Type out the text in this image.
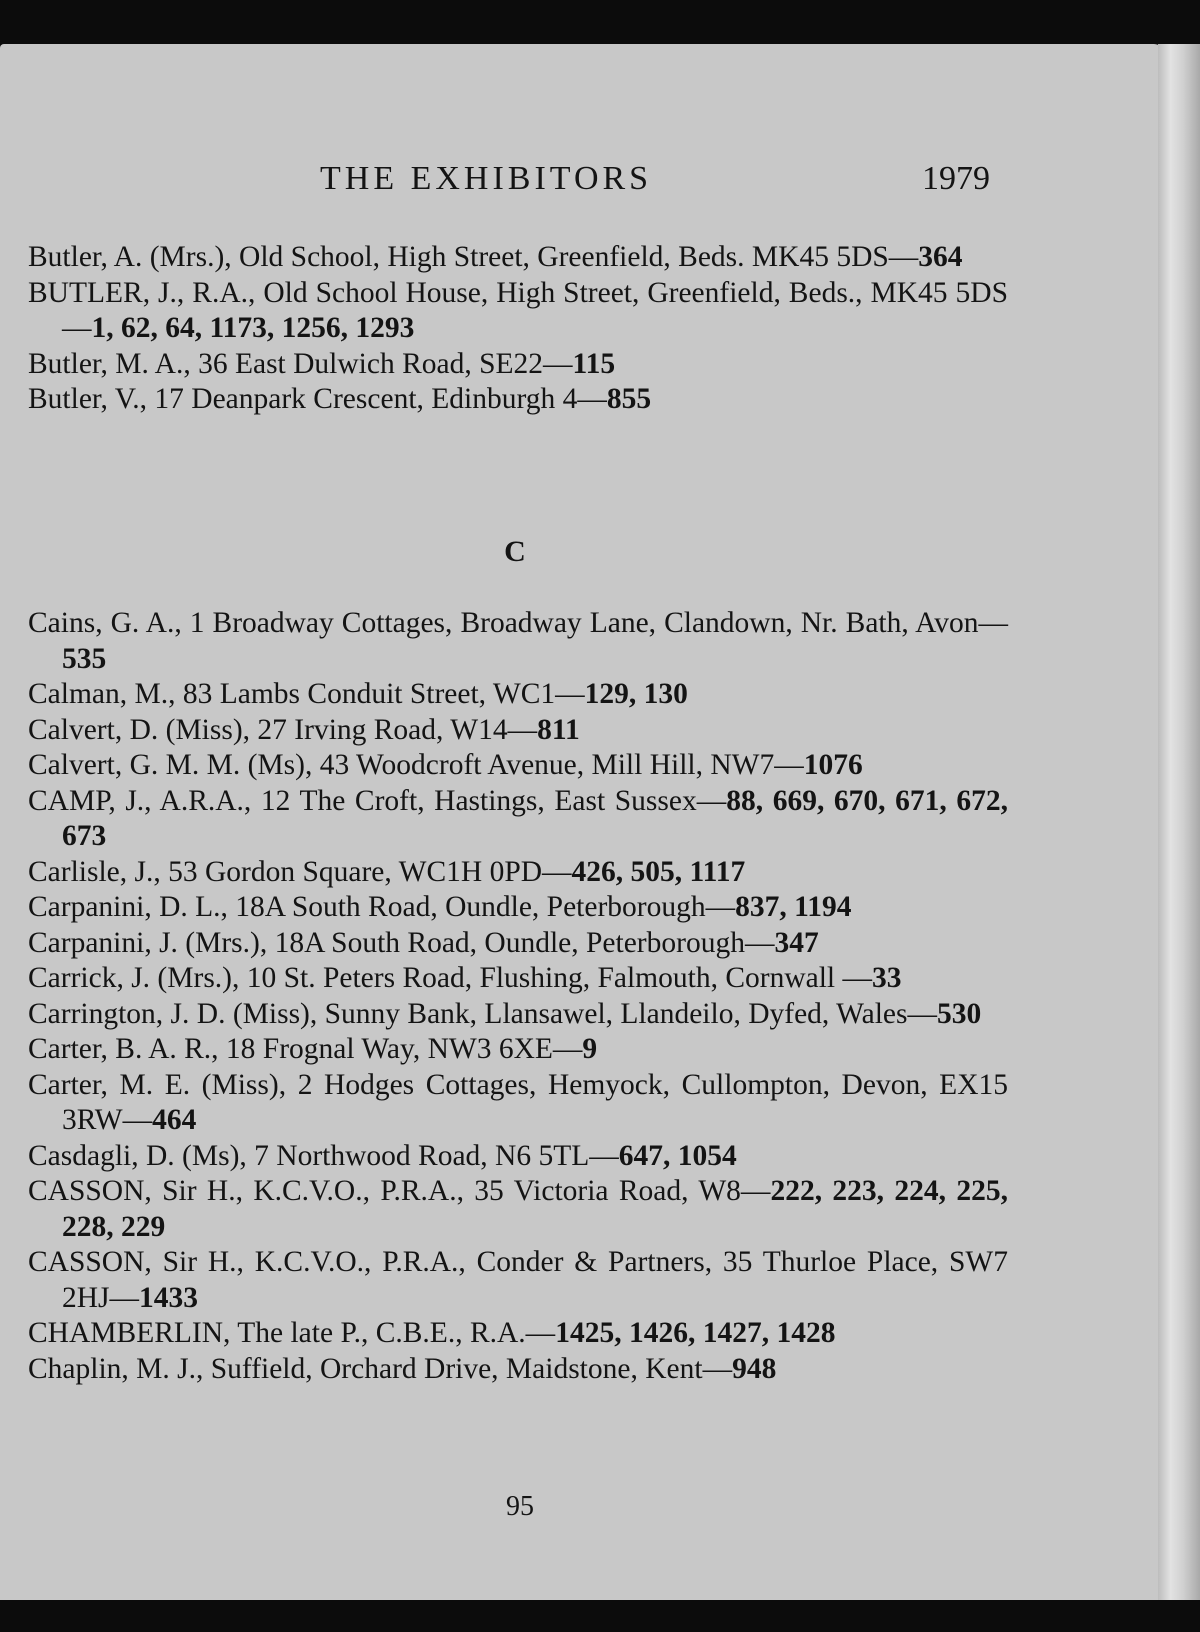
THE EXHIBITORS	1979

Butler, A. (Mrs.), Old School, High Street, Greenfield, Beds. MK45 5DS—364

BUTLER, J., R.A., Old School House, High Street, Greenfield, Beds., MK45 5DS—1, 62, 64, 1173, 1256, 1293

Butler, M. A., 36 East Dulwich Road, SE22—115

Butler, V., 17 Deanpark Crescent, Edinburgh 4—855

C

Cains, G. A., 1 Broadway Cottages, Broadway Lane, Clandown, Nr. Bath, Avon—535

Calman, M., 83 Lambs Conduit Street, WC1—129, 130

Calvert, D. (Miss), 27 Irving Road, W14—811

Calvert, G. M. M. (Ms), 43 Woodcroft Avenue, Mill Hill, NW7—1076

CAMP, J., A.R.A., 12 The Croft, Hastings, East Sussex—88, 669, 670, 671, 672, 673

Carlisle, J., 53 Gordon Square, WC1H 0PD—426, 505, 1117

Carpanini, D. L., 18A South Road, Oundle, Peterborough—837, 1194

Carpanini, J. (Mrs.), 18A South Road, Oundle, Peterborough—347

Carrick, J. (Mrs.), 10 St. Peters Road, Flushing, Falmouth, Cornwall —33

Carrington, J. D. (Miss), Sunny Bank, Llansawel, Llandeilo, Dyfed, Wales—530

Carter, B. A. R., 18 Frognal Way, NW3 6XE—9

Carter, M. E. (Miss), 2 Hodges Cottages, Hemyock, Cullompton, Devon, EX15 3RW—464

Casdagli, D. (Ms), 7 Northwood Road, N6 5TL—647, 1054

CASSON, Sir H., K.C.V.O., P.R.A., 35 Victoria Road, W8—222, 223, 224, 225, 228, 229

CASSON, Sir H., K.C.V.O., P.R.A., Conder & Partners, 35 Thurloe Place, SW7 2HJ—1433

CHAMBERLIN, The late P., C.B.E., R.A.—1425, 1426, 1427, 1428

Chaplin, M. J., Suffield, Orchard Drive, Maidstone, Kent—948

95
